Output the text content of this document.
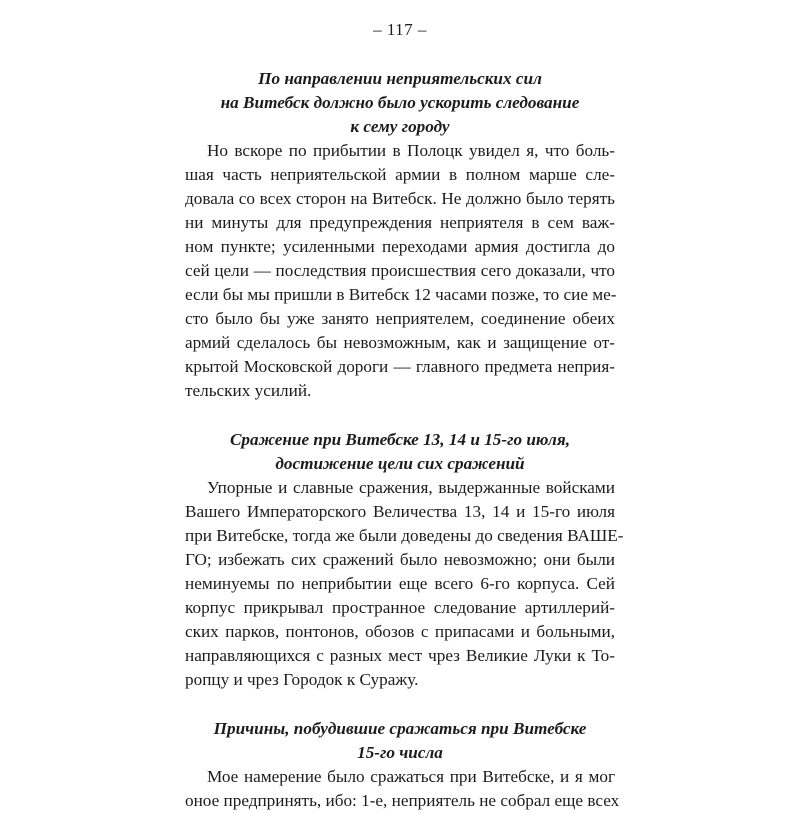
– 117 –
По направлении неприятельских сил
на Витебск должно было ускорить следование
к сему городу
Но вскоре по прибытии в Полоцк увидел я, что боль-
шая часть неприятельской армии в полном марше сле-
довала со всех сторон на Витебск. Не должно было терять
ни минуты для предупреждения неприятеля в сем важ-
ном пункте; усиленными переходами армия достигла до
сей цели — последствия происшествия сего доказали, что
если бы мы пришли в Витебск 12 часами позже, то сие ме-
сто было бы уже занято неприятелем, соединение обеих
армий сделалось бы невозможным, как и защищение от-
крытой Московской дороги — главного предмета неприя-
тельских усилий.
Сражение при Витебске 13, 14 и 15-го июля,
достижение цели сих сражений
Упорные и славные сражения, выдержанные войсками
Вашего Императорского Величества 13, 14 и 15-го июля
при Витебске, тогда же были доведены до сведения ВАШЕ-
ГО; избежать сих сражений было невозможно; они были
неминуемы по неприбытии еще всего 6-го корпуса. Сей
корпус прикрывал пространное следование артиллерий-
ских парков, понтонов, обозов с припасами и больными,
направляющихся с разных мест чрез Великие Луки к То-
ропцу и чрез Городок к Суражу.
Причины, побудившие сражаться при Витебске
15-го числа
Мое намерение было сражаться при Витебске, и я мог
оное предпринять, ибо: 1-е, неприятель не собрал еще всех
